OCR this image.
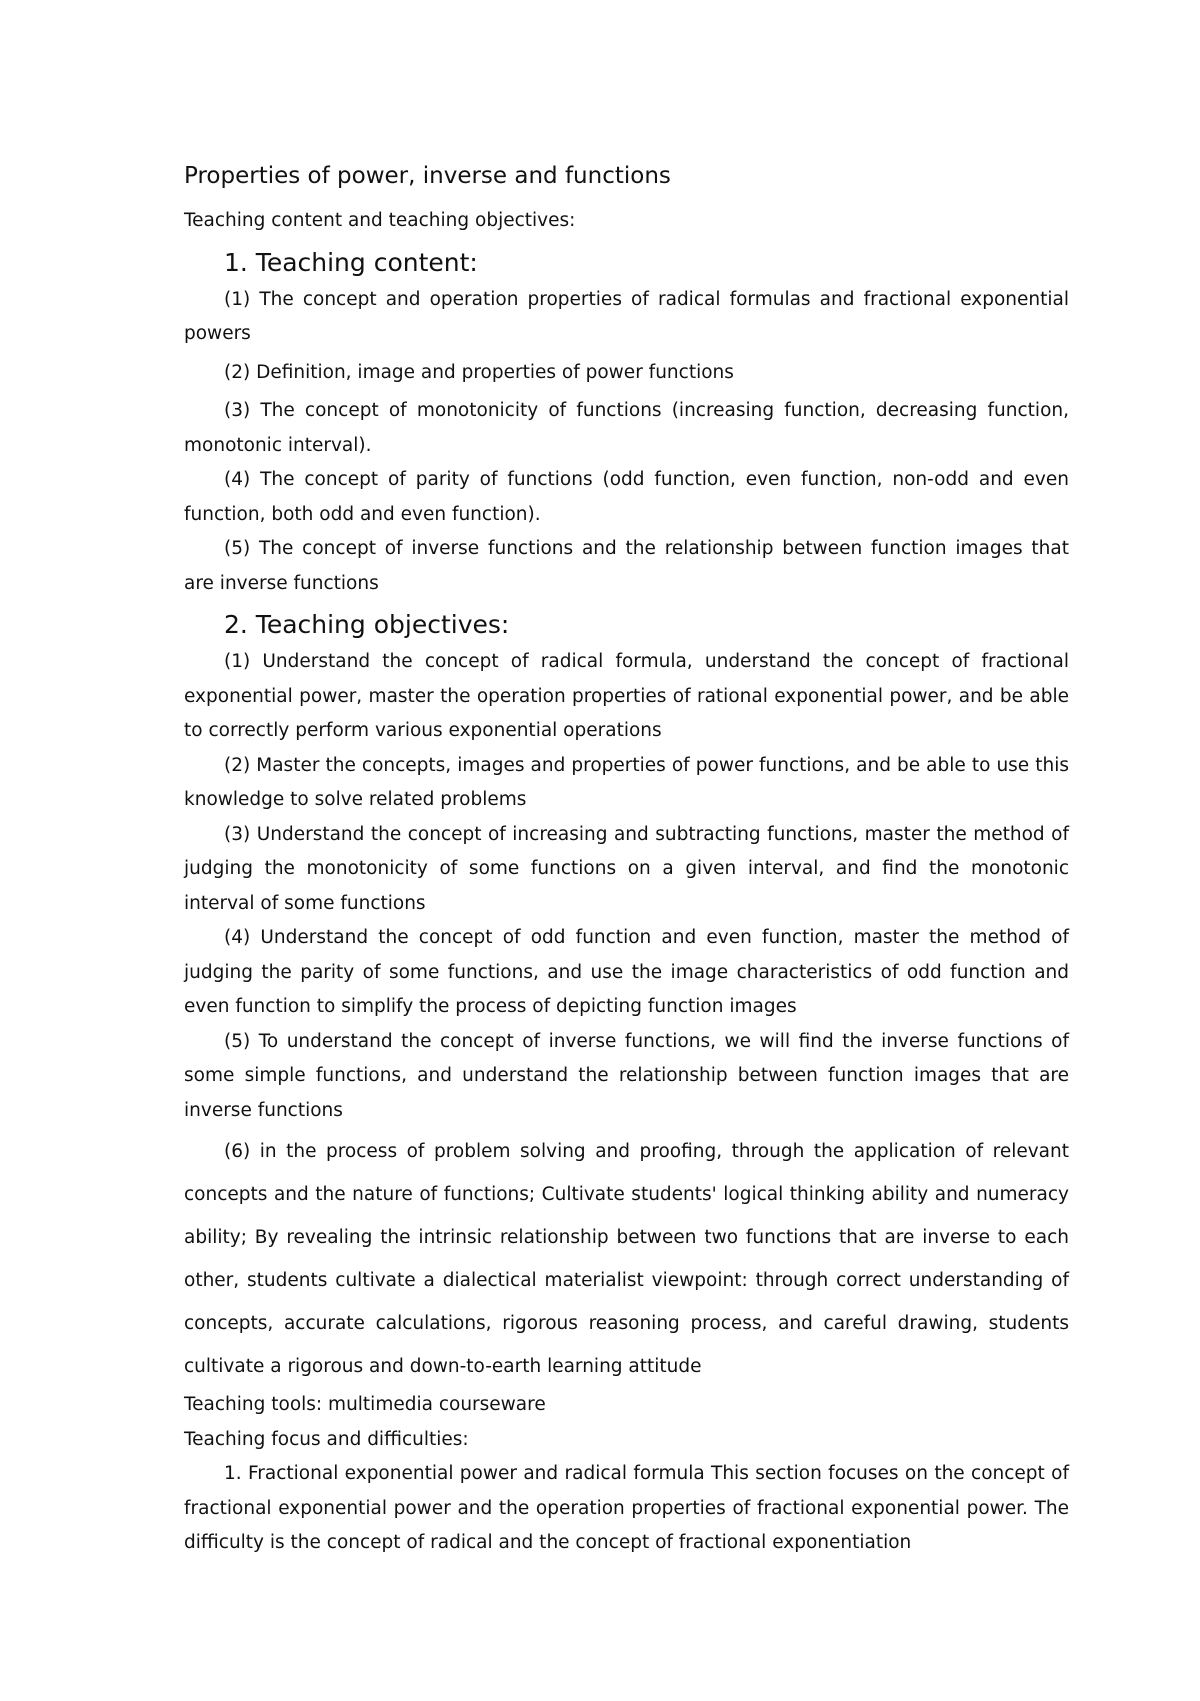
Properties of power, inverse and functions

Teaching content and teaching objectives:

1. Teaching content:

(1) The concept and operation properties of radical formulas and fractional exponential powers

(2) Definition, image and properties of power functions

(3) The concept of monotonicity of functions (increasing function, decreasing function, monotonic interval).

(4) The concept of parity of functions (odd function, even function, non-odd and even function, both odd and even function).

(5) The concept of inverse functions and the relationship between function images that are inverse functions

2. Teaching objectives:

(1) Understand the concept of radical formula, understand the concept of fractional exponential power, master the operation properties of rational exponential power, and be able to correctly perform various exponential operations

(2) Master the concepts, images and properties of power functions, and be able to use this knowledge to solve related problems

(3) Understand the concept of increasing and subtracting functions, master the method of judging the monotonicity of some functions on a given interval, and find the monotonic interval of some functions

(4) Understand the concept of odd function and even function, master the method of judging the parity of some functions, and use the image characteristics of odd function and even function to simplify the process of depicting function images

(5) To understand the concept of inverse functions, we will find the inverse functions of some simple functions, and understand the relationship between function images that are inverse functions

(6) in the process of problem solving and proofing, through the application of relevant concepts and the nature of functions; Cultivate students' logical thinking ability and numeracy ability; By revealing the intrinsic relationship between two functions that are inverse to each other, students cultivate a dialectical materialist viewpoint: through correct understanding of concepts, accurate calculations, rigorous reasoning process, and careful drawing, students cultivate a rigorous and down-to-earth learning attitude

Teaching tools: multimedia courseware

Teaching focus and difficulties:

1. Fractional exponential power and radical formula This section focuses on the concept of fractional exponential power and the operation properties of fractional exponential power. The difficulty is the concept of radical and the concept of fractional exponentiation
